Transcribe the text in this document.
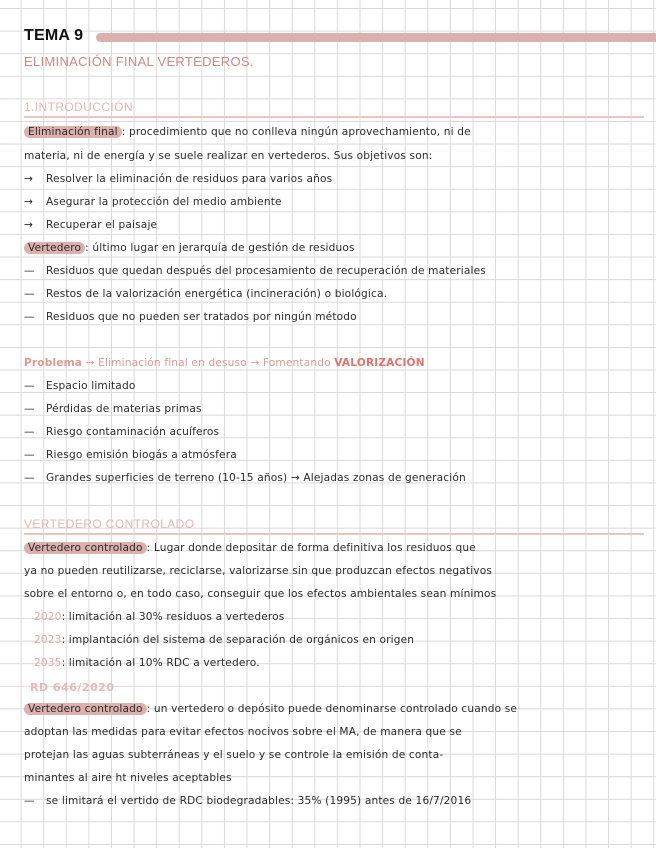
TEMA 9
ELIMINACIÓN FINAL VERTEDEROS.
1.INTRODUCCIÓN
Eliminación final : procedimiento que no conlleva ningún aprovechamiento, ni de
materia, ni de energía y se suele realizar en vertederos. Sus objetivos son:
→ Resolver la eliminación de residuos para varios años
→ Asegurar la protección del medio ambiente
→ Recuperar el paisaje
Vertedero : último lugar en jerarquía de gestión de residuos
— Residuos que quedan después del procesamiento de recuperación de materiales
— Restos de la valorización energética (incineración) o biológica.
— Residuos que no pueden ser tratados por ningún método
Problema → Eliminación final en desuso → Fomentando VALORIZACIÓN
— Espacio limitado
— Pérdidas de materias primas
— Riesgo contaminación acuíferos
— Riesgo emisión biogás a atmósfera
— Grandes superficies de terreno (10-15 años) → Alejadas zonas de generación
VERTEDERO CONTROLADO
Vertedero controlado : Lugar donde depositar de forma definitiva los residuos que
ya no pueden reutilizarse, reciclarse, valorizarse sin que produzcan efectos negativos
sobre el entorno o, en todo caso, conseguir que los efectos ambientales sean mínimos
2020: limitación al 30% residuos a vertederos
2023: implantación del sistema de separación de orgánicos en origen
2035: limitación al 10% RDC a vertedero.
RD 646/2020
Vertedero controlado : un vertedero o depósito puede denominarse controlado cuando se
adoptan las medidas para evitar efectos nocivos sobre el MA, de manera que se
protejan las aguas subterráneas y el suelo y se controle la emisión de conta-
minantes al aire ht niveles aceptables
— se limitará el vertido de RDC biodegradables: 35% (1995) antes de 16/7/2016
